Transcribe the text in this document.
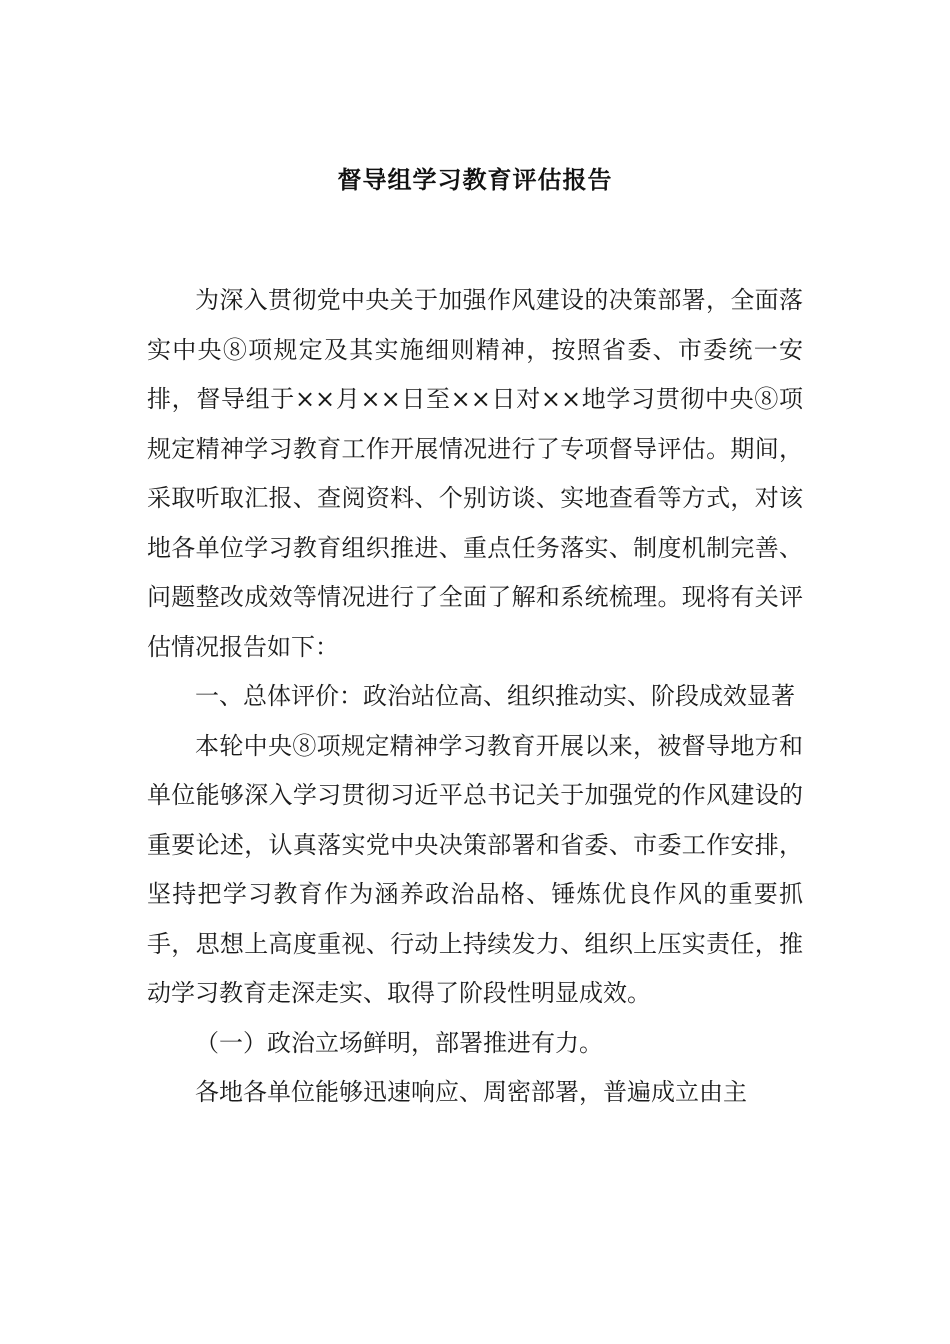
督导组学习教育评估报告

为深入贯彻党中央关于加强作风建设的决策部署，全面落实中央⑧项规定及其实施细则精神，按照省委、市委统一安排，督导组于××月××日至××日对××地学习贯彻中央⑧项规定精神学习教育工作开展情况进行了专项督导评估。期间，采取听取汇报、查阅资料、个别访谈、实地查看等方式，对该地各单位学习教育组织推进、重点任务落实、制度机制完善、问题整改成效等情况进行了全面了解和系统梳理。现将有关评估情况报告如下：

一、总体评价：政治站位高、组织推动实、阶段成效显著

本轮中央⑧项规定精神学习教育开展以来，被督导地方和单位能够深入学习贯彻习近平总书记关于加强党的作风建设的重要论述，认真落实党中央决策部署和省委、市委工作安排，坚持把学习教育作为涵养政治品格、锤炼优良作风的重要抓手，思想上高度重视、行动上持续发力、组织上压实责任，推动学习教育走深走实、取得了阶段性明显成效。

（一）政治立场鲜明，部署推进有力。

各地各单位能够迅速响应、周密部署，普遍成立由主
